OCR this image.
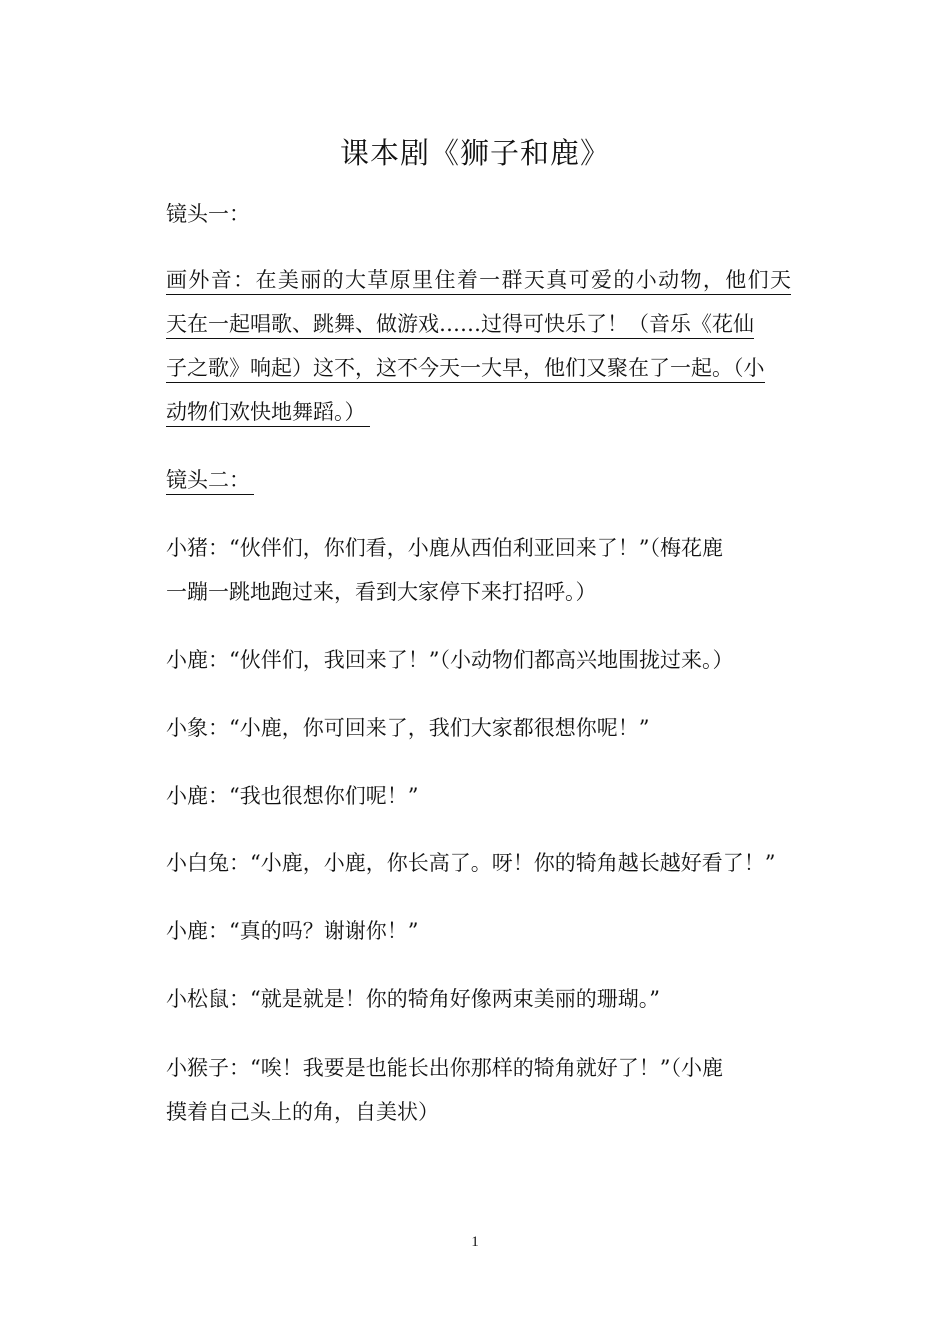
课本剧《狮子和鹿》
镜头一：
画外音：在美丽的大草原里住着一群天真可爱的小动物，他们天
天在一起唱歌、跳舞、做游戏……过得可快乐了！（音乐《花仙
子之歌》响起）这不，这不今天一大早，他们又聚在了一起。（小
动物们欢快地舞蹈。）
镜头二：
小猪：“伙伴们，你们看，小鹿从西伯利亚回来了！”（梅花鹿
一蹦一跳地跑过来，看到大家停下来打招呼。）
小鹿：“伙伴们，我回来了！”（小动物们都高兴地围拢过来。）
小象：“小鹿，你可回来了，我们大家都很想你呢！”
小鹿：“我也很想你们呢！”
小白兔：“小鹿，小鹿，你长高了。呀！你的犄角越长越好看了！”
小鹿：“真的吗？谢谢你！”
小松鼠：“就是就是！你的犄角好像两束美丽的珊瑚。”
小猴子：“唉！我要是也能长出你那样的犄角就好了！”（小鹿
摸着自己头上的角，自美状）
1
